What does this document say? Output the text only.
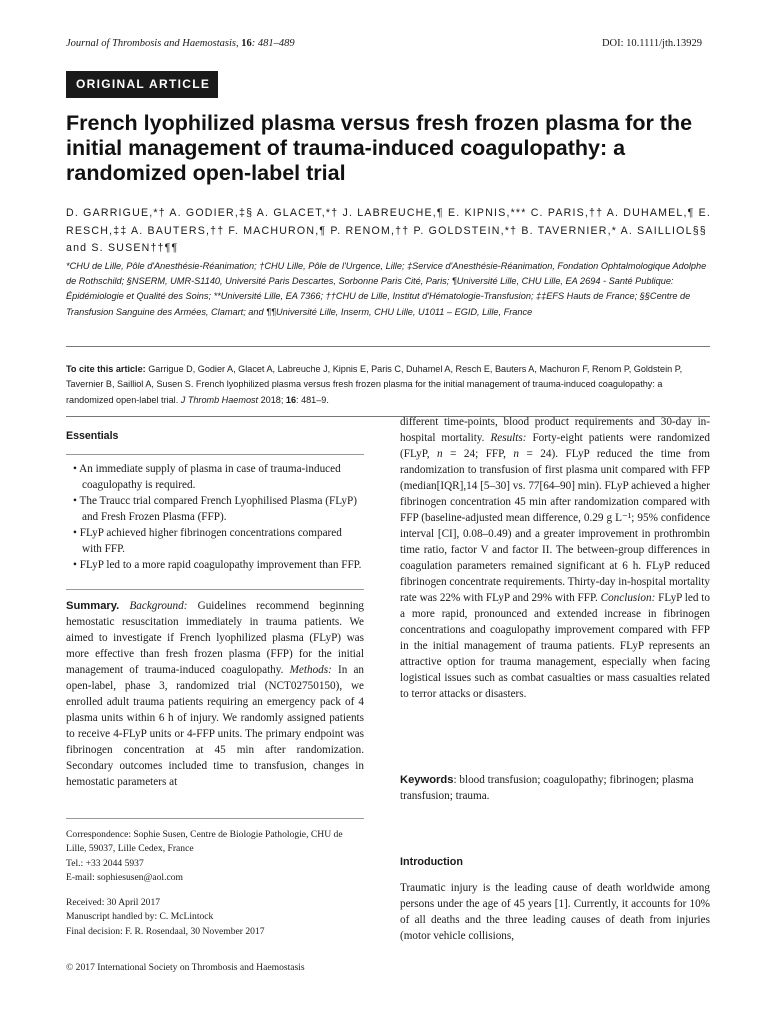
Journal of Thrombosis and Haemostasis, 16: 481–489	DOI: 10.1111/jth.13929
ORIGINAL ARTICLE
French lyophilized plasma versus fresh frozen plasma for the initial management of trauma-induced coagulopathy: a randomized open-label trial
D. GARRIGUE,*† A. GODIER,‡§ A. GLACET,*† J. LABREUCHE,¶ E. KIPNIS,*** C. PARIS,†† A. DUHAMEL,¶ E. RESCH,‡‡ A. BAUTERS,†† F. MACHURON,¶ P. RENOM,†† P. GOLDSTEIN,*† B. TAVERNIER,* A. SAILLIOL§§ and S. SUSEN††¶¶
*CHU de Lille, Pôle d'Anesthésie-Réanimation; †CHU Lille, Pôle de l'Urgence, Lille; ‡Service d'Anesthésie-Réanimation, Fondation Ophtalmologique Adolphe de Rothschild; §NSERM, UMR-S1140, Université Paris Descartes, Sorbonne Paris Cité, Paris; ¶Université Lille, CHU Lille, EA 2694 - Santé Publique: Épidémiologie et Qualité des Soins; **Université Lille, EA 7366; ††CHU de Lille, Institut d'Hématologie-Transfusion; ‡‡EFS Hauts de France; §§Centre de Transfusion Sanguine des Armées, Clamart; and ¶¶Université Lille, Inserm, CHU Lille, U1011 – EGID, Lille, France
To cite this article: Garrigue D, Godier A, Glacet A, Labreuche J, Kipnis E, Paris C, Duhamel A, Resch E, Bauters A, Machuron F, Renom P, Goldstein P, Tavernier B, Sailliol A, Susen S. French lyophilized plasma versus fresh frozen plasma for the initial management of trauma-induced coagulopathy: a randomized open-label trial. J Thromb Haemost 2018; 16: 481–9.
Essentials
• An immediate supply of plasma in case of trauma-induced coagulopathy is required.
• The Traucc trial compared French Lyophilised Plasma (FLyP) and Fresh Frozen Plasma (FFP).
• FLyP achieved higher fibrinogen concentrations compared with FFP.
• FLyP led to a more rapid coagulopathy improvement than FFP.
Summary. Background: Guidelines recommend beginning hemostatic resuscitation immediately in trauma patients. We aimed to investigate if French lyophilized plasma (FLyP) was more effective than fresh frozen plasma (FFP) for the initial management of trauma-induced coagulopathy. Methods: In an open-label, phase 3, randomized trial (NCT02750150), we enrolled adult trauma patients requiring an emergency pack of 4 plasma units within 6 h of injury. We randomly assigned patients to receive 4-FLyP units or 4-FFP units. The primary endpoint was fibrinogen concentration at 45 min after randomization. Secondary outcomes included time to transfusion, changes in hemostatic parameters at
different time-points, blood product requirements and 30-day in-hospital mortality. Results: Forty-eight patients were randomized (FLyP, n = 24; FFP, n = 24). FLyP reduced the time from randomization to transfusion of first plasma unit compared with FFP (median[IQR],14 [5–30] vs. 77[64–90] min). FLyP achieved a higher fibrinogen concentration 45 min after randomization compared with FFP (baseline-adjusted mean difference, 0.29 g L⁻¹; 95% confidence interval [CI], 0.08–0.49) and a greater improvement in prothrombin time ratio, factor V and factor II. The between-group differences in coagulation parameters remained significant at 6 h. FLyP reduced fibrinogen concentrate requirements. Thirty-day in-hospital mortality rate was 22% with FLyP and 29% with FFP. Conclusion: FLyP led to a more rapid, pronounced and extended increase in fibrinogen concentrations and coagulopathy improvement compared with FFP in the initial management of trauma patients. FLyP represents an attractive option for trauma management, especially when facing logistical issues such as combat casualties or mass casualties related to terror attacks or disasters.
Keywords: blood transfusion; coagulopathy; fibrinogen; plasma transfusion; trauma.
Correspondence: Sophie Susen, Centre de Biologie Pathologie, CHU de Lille, 59037, Lille Cedex, France
Tel.: +33 2044 5937
E-mail: sophiesusen@aol.com
Received: 30 April 2017
Manuscript handled by: C. McLintock
Final decision: F. R. Rosendaal, 30 November 2017
© 2017 International Society on Thrombosis and Haemostasis
Introduction
Traumatic injury is the leading cause of death worldwide among persons under the age of 45 years [1]. Currently, it accounts for 10% of all deaths and the three leading causes of death from injuries (motor vehicle collisions,
